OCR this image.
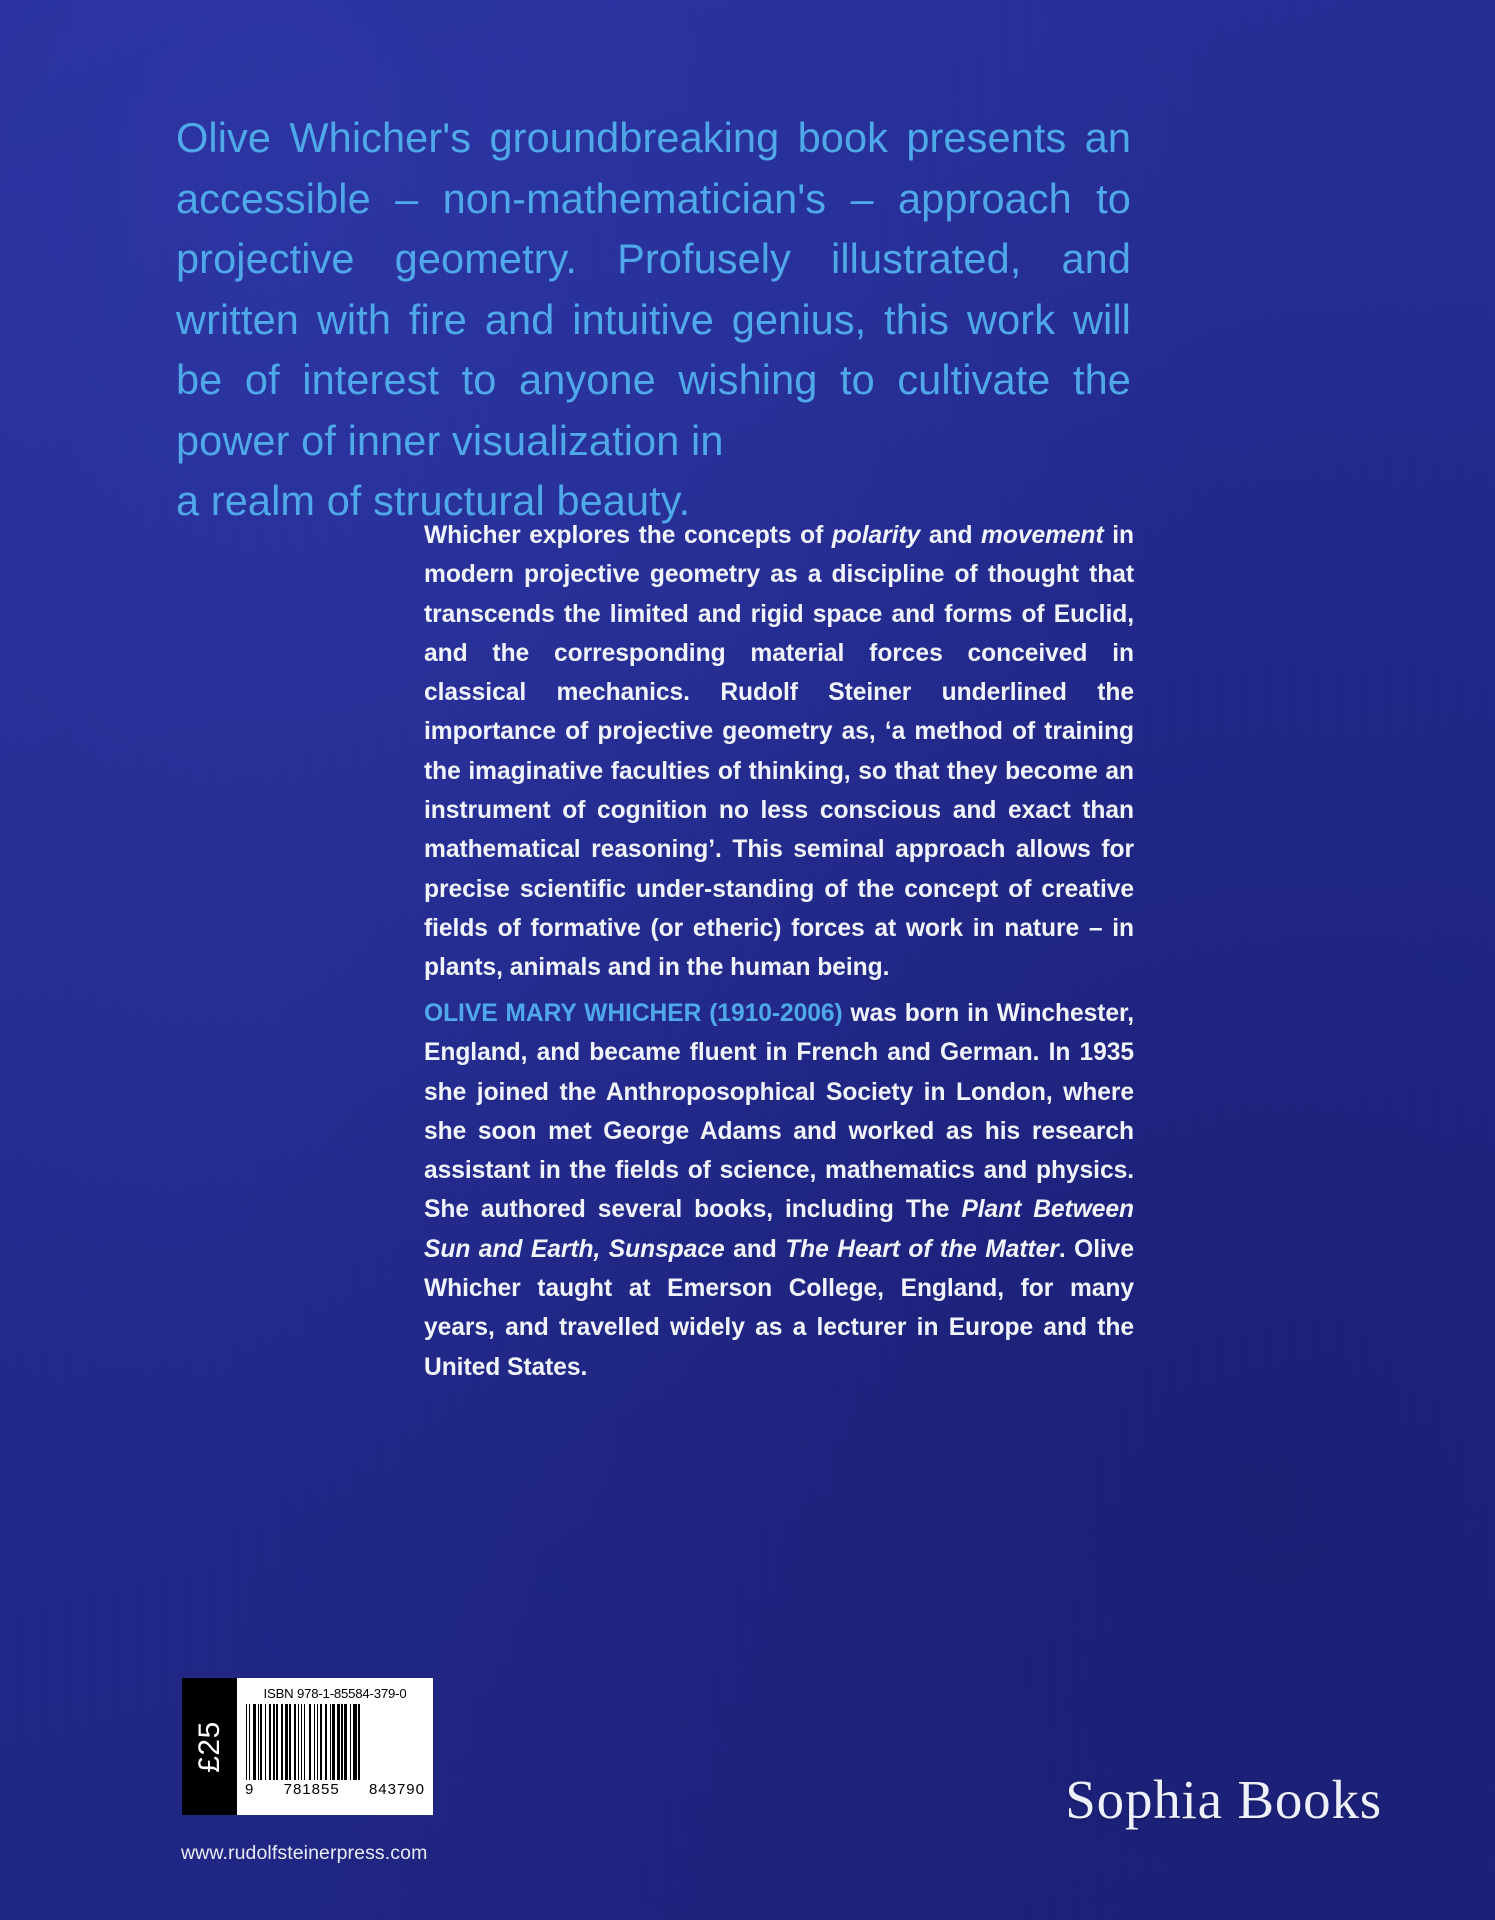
Olive Whicher's groundbreaking book presents an accessible – non-mathematician's – approach to projective geometry. Profusely illustrated, and written with fire and intuitive genius, this work will be of interest to anyone wishing to cultivate the power of inner visualization in
a realm of structural beauty.

Whicher explores the concepts of polarity and movement in modern projective geometry as a discipline of thought that transcends the limited and rigid space and forms of Euclid, and the corresponding material forces conceived in classical mechanics. Rudolf Steiner underlined the importance of projective geometry as, ‘a method of training the imaginative faculties of thinking, so that they become an instrument of cognition no less conscious and exact than mathematical reasoning’. This seminal approach allows for precise scientific under-standing of the concept of creative fields of formative (or etheric) forces at work in nature – in plants, animals and in the human being.

OLIVE MARY WHICHER (1910-2006) was born in Winchester, England, and became fluent in French and German. In 1935 she joined the Anthroposophical Society in London, where she soon met George Adams and worked as his research assistant in the fields of science, mathematics and physics. She authored several books, including The Plant Between Sun and Earth, Sunspace and The Heart of the Matter. Olive Whicher taught at Emerson College, England, for many years, and travelled widely as a lecturer in Europe and the United States.

£25
ISBN 978-1-85584-379-0
9 781855 843790
www.rudolfsteinerpress.com
Sophia Books
